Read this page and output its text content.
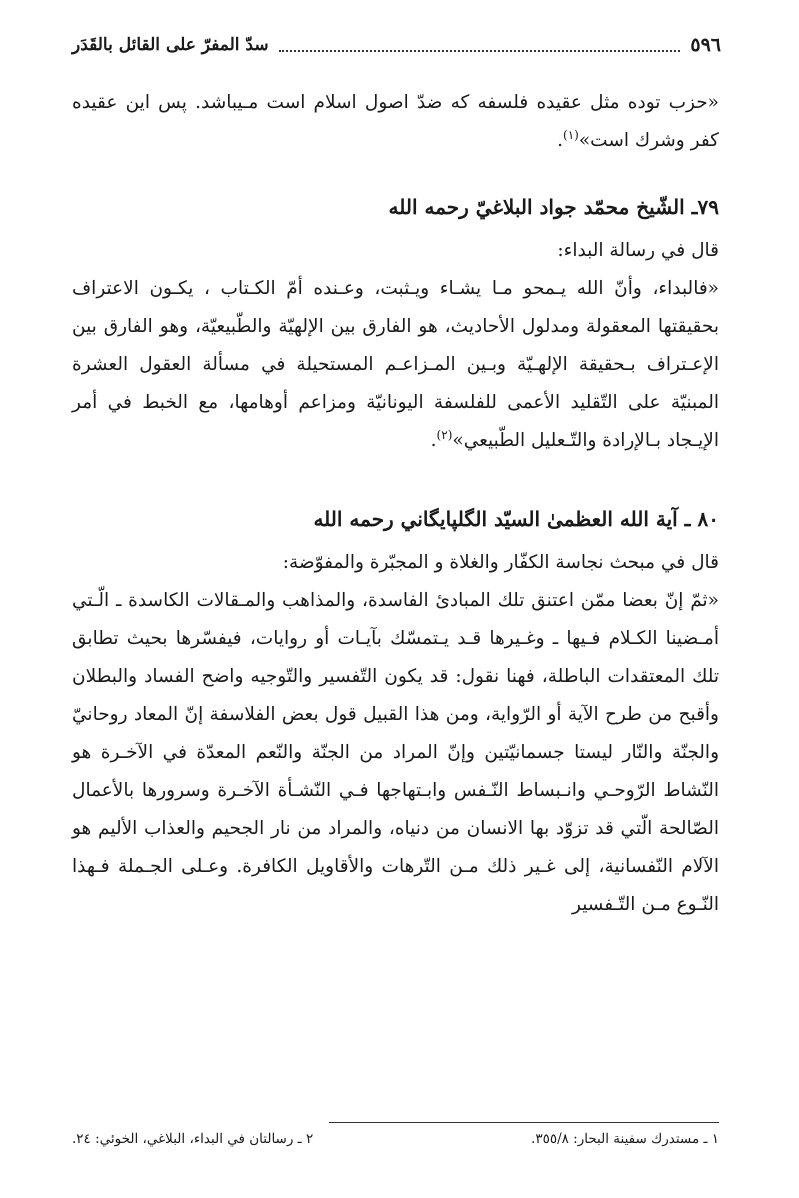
٥٩٦
سدّ المفرّ على القائل بالقَدَر

«حزب توده مثل عقيده فلسفه كه ضدّ اصول اسلام است مـيباشد. پس اين عقيده كفر وشرك است»$^{(١)}$.

٧٩ـ الشّيخ محمّد جواد البلاغيّ رحمه الله

قال في رسالة البداء:

«فالبداء، وأنّ الله يـمحو مـا يشـاء ويـثبت، وعـنده أمّ الكـتاب ، يكـون الاعتراف بحقيقتها المعقولة ومدلول الأحاديث، هو الفارق بين الإلهيّة والطّبيعيّة، وهو الفارق بين الإعـتراف بـحقيقة الإلهـيّة وبـين المـزاعـم المستحيلة في مسألة العقول العشرة المبنيّة على التّقليد الأعمى للفلسفة اليونانيّة ومزاعم أوهامها، مع الخبط في أمر الإيـجاد بـالإرادة والتّـعليل الطّبيعي»$^{(٢)}$.

٨٠ ـ آية الله العظمىٰ السيّد الگلپايگاني رحمه الله

قال في مبحث نجاسة الكفّار والغلاة و المجبّرة والمفوّضة:

«ثمّ إنّ بعضا ممّن اعتنق تلك المبادئ الفاسدة، والمذاهب والمـقالات الكاسدة ـ الّـتي أمـضينا الكـلام فـيها ـ وغـيرها قـد يـتمسّك بآيـات أو روايات، فيفسّرها بحيث تطابق تلك المعتقدات الباطلة، فهنا نقول: قد يكون التّفسير والتّوجيه واضح الفساد والبطلان وأقبح من طرح الآية أو الرّواية، ومن هذا القبيل قول بعض الفلاسفة إنّ المعاد روحانيّ والجنّة والنّار ليستا جسمانيّتين وإنّ المراد من الجنّة والنّعم المعدّة في الآخـرة هو النّشاط الرّوحـي وانـبساط النّـفس وابـتهاجها فـي النّشـأة الآخـرة وسرورها بالأعمال الصّالحة الّتي قد تزوّد بها الانسان من دنياه، والمراد من نار الجحيم والعذاب الأليم هو الآلام النّفسانية، إلى غـير ذلك مـن التّرهات والأقاويل الكافرة. وعـلى الجـملة فـهذا النّـوع مـن التّـفسير

١ ـ مستدرك سفينة البحار: ٣٥٥/٨.
٢ ـ رسالتان في البداء، البلاغي، الخوئي: ٢٤.
